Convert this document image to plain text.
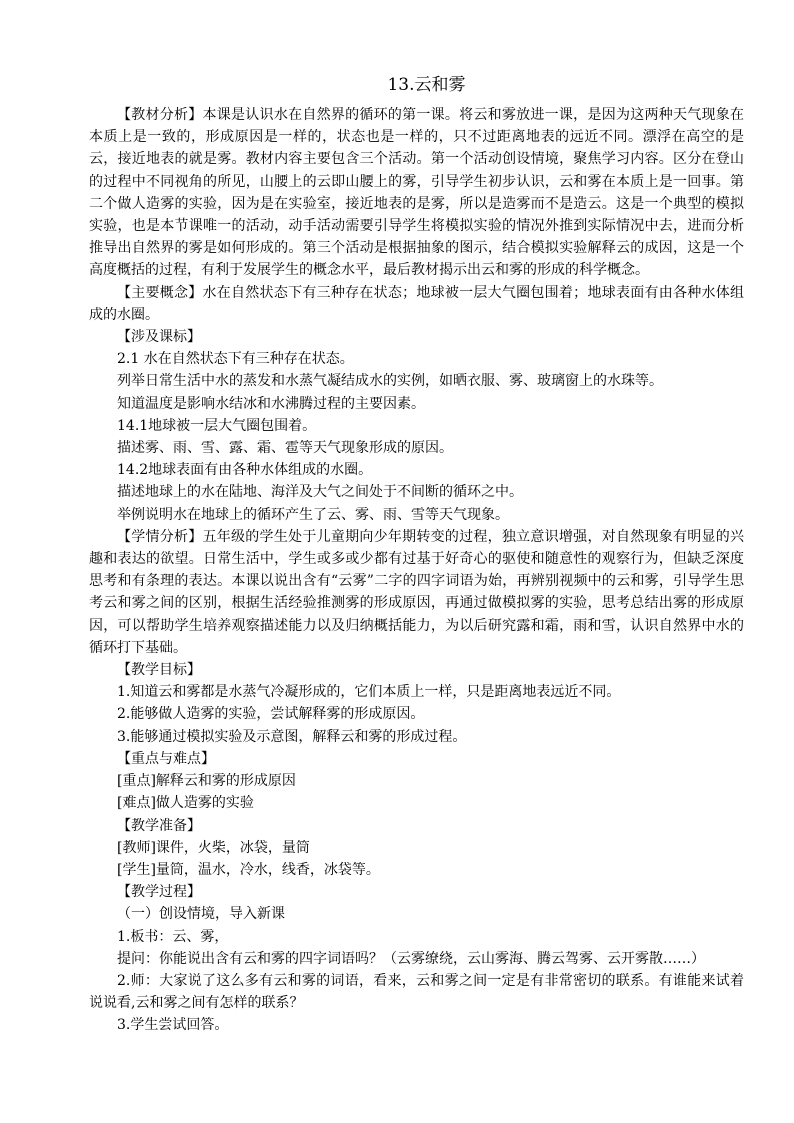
13.云和雾

【教材分析】本课是认识水在自然界的循环的第一课。将云和雾放进一课，是因为这两种天气现象在本质上是一致的，形成原因是一样的，状态也是一样的，只不过距离地表的远近不同。漂浮在高空的是云，接近地表的就是雾。教材内容主要包含三个活动。第一个活动创设情境，聚焦学习内容。区分在登山的过程中不同视角的所见，山腰上的云即山腰上的雾，引导学生初步认识，云和雾在本质上是一回事。第二个做人造雾的实验，因为是在实验室，接近地表的是雾，所以是造雾而不是造云。这是一个典型的模拟实验，也是本节课唯一的活动，动手活动需要引导学生将模拟实验的情况外推到实际情况中去，进而分析推导出自然界的雾是如何形成的。第三个活动是根据抽象的图示，结合模拟实验解释云的成因，这是一个高度概括的过程，有利于发展学生的概念水平，最后教材揭示出云和雾的形成的科学概念。

【主要概念】水在自然状态下有三种存在状态；地球被一层大气圈包围着；地球表面有由各种水体组成的水圈。

【涉及课标】

2.1 水在自然状态下有三种存在状态。

列举日常生活中水的蒸发和水蒸气凝结成水的实例，如晒衣服、雾、玻璃窗上的水珠等。

知道温度是影响水结冰和水沸腾过程的主要因素。

14.1地球被一层大气圈包围着。

描述雾、雨、雪、露、霜、雹等天气现象形成的原因。

14.2地球表面有由各种水体组成的水圈。

描述地球上的水在陆地、海洋及大气之间处于不间断的循环之中。

举例说明水在地球上的循环产生了云、雾、雨、雪等天气现象。

【学情分析】五年级的学生处于儿童期向少年期转变的过程，独立意识增强，对自然现象有明显的兴趣和表达的欲望。日常生活中，学生或多或少都有过基于好奇心的驱使和随意性的观察行为，但缺乏深度思考和有条理的表达。本课以说出含有“云雾”二字的四字词语为始，再辨别视频中的云和雾，引导学生思考云和雾之间的区别，根据生活经验推测雾的形成原因，再通过做模拟雾的实验，思考总结出雾的形成原因，可以帮助学生培养观察描述能力以及归纳概括能力，为以后研究露和霜，雨和雪，认识自然界中水的循环打下基础。

【教学目标】

1.知道云和雾都是水蒸气冷凝形成的，它们本质上一样，只是距离地表远近不同。

2.能够做人造雾的实验，尝试解释雾的形成原因。

3.能够通过模拟实验及示意图，解释云和雾的形成过程。

【重点与难点】

[重点]解释云和雾的形成原因

[难点]做人造雾的实验

【教学准备】

[教师]课件，火柴，冰袋，量筒

[学生]量筒，温水，冷水，线香，冰袋等。

【教学过程】

（一）创设情境，导入新课

1.板书：云、雾，

提问：你能说出含有云和雾的四字词语吗？（云雾缭绕，云山雾海、腾云驾雾、云开雾散……）

2.师：大家说了这么多有云和雾的词语，看来，云和雾之间一定是有非常密切的联系。有谁能来试着说说看,云和雾之间有怎样的联系？

3.学生尝试回答。
